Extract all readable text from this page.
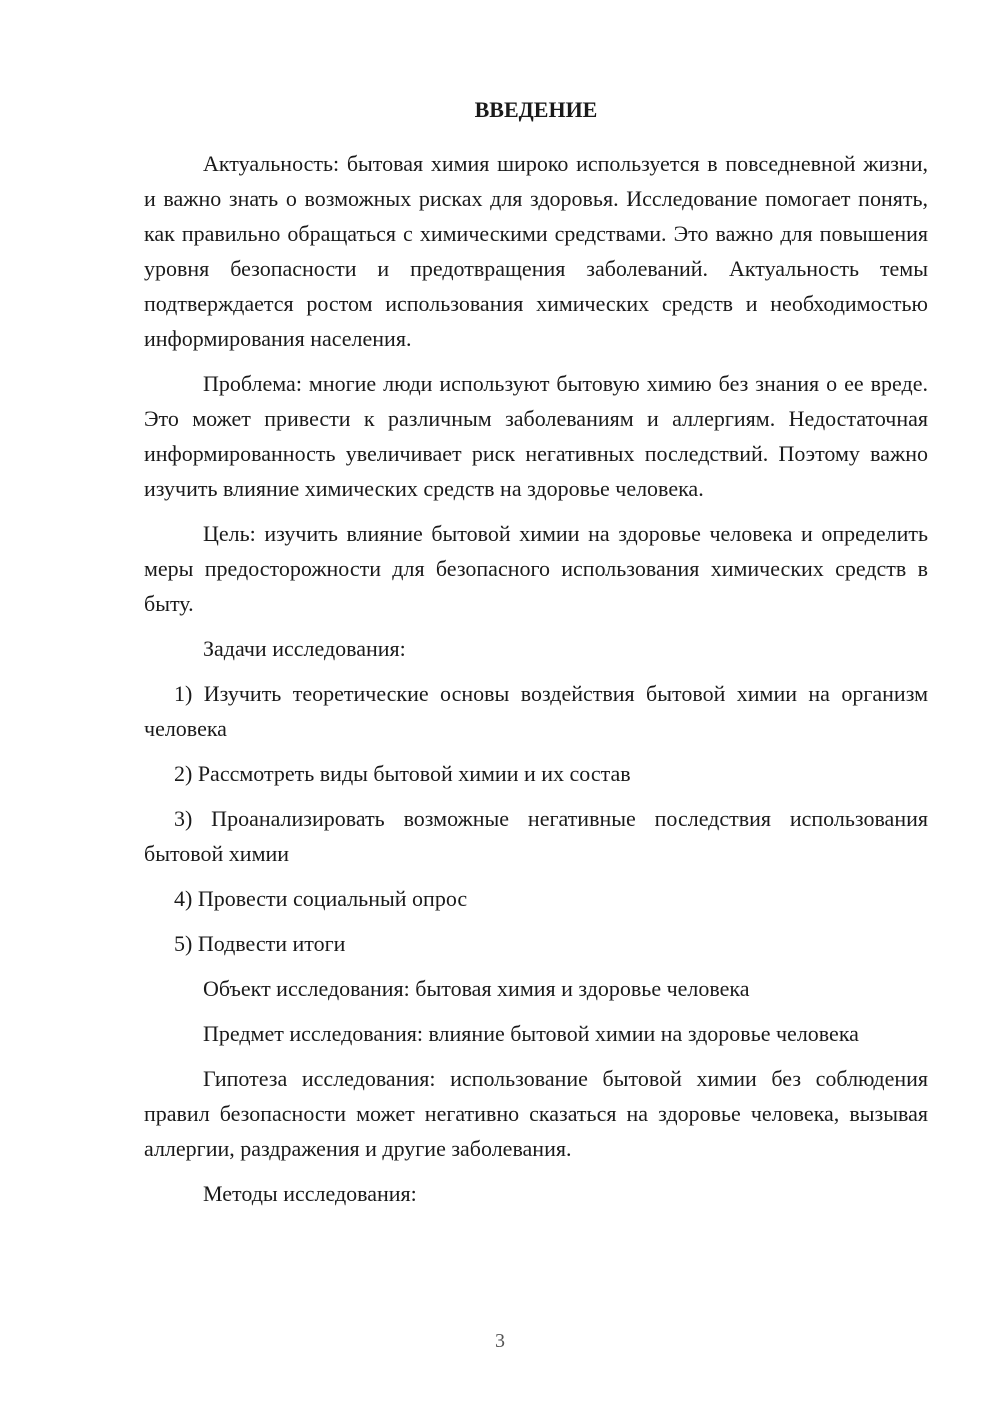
ВВЕДЕНИЕ

Актуальность: бытовая химия широко используется в повседневной жизни, и важно знать о возможных рисках для здоровья. Исследование помогает понять, как правильно обращаться с химическими средствами. Это важно для повышения уровня безопасности и предотвращения заболеваний. Актуальность темы подтверждается ростом использования химических средств и необходимостью информирования населения.

Проблема: многие люди используют бытовую химию без знания о ее вреде. Это может привести к различным заболеваниям и аллергиям. Недостаточная информированность увеличивает риск негативных последствий. Поэтому важно изучить влияние химических средств на здоровье человека.

Цель: изучить влияние бытовой химии на здоровье человека и определить меры предосторожности для безопасного использования химических средств в быту.

Задачи исследования:

1) Изучить теоретические основы воздействия бытовой химии на организм человека

2) Рассмотреть виды бытовой химии и их состав

3) Проанализировать возможные негативные последствия использования бытовой химии

4) Провести социальный опрос

5) Подвести итоги

Объект исследования: бытовая химия и здоровье человека

Предмет исследования: влияние бытовой химии на здоровье человека

Гипотеза исследования: использование бытовой химии без соблюдения правил безопасности может негативно сказаться на здоровье человека, вызывая аллергии, раздражения и другие заболевания.

Методы исследования:

3
